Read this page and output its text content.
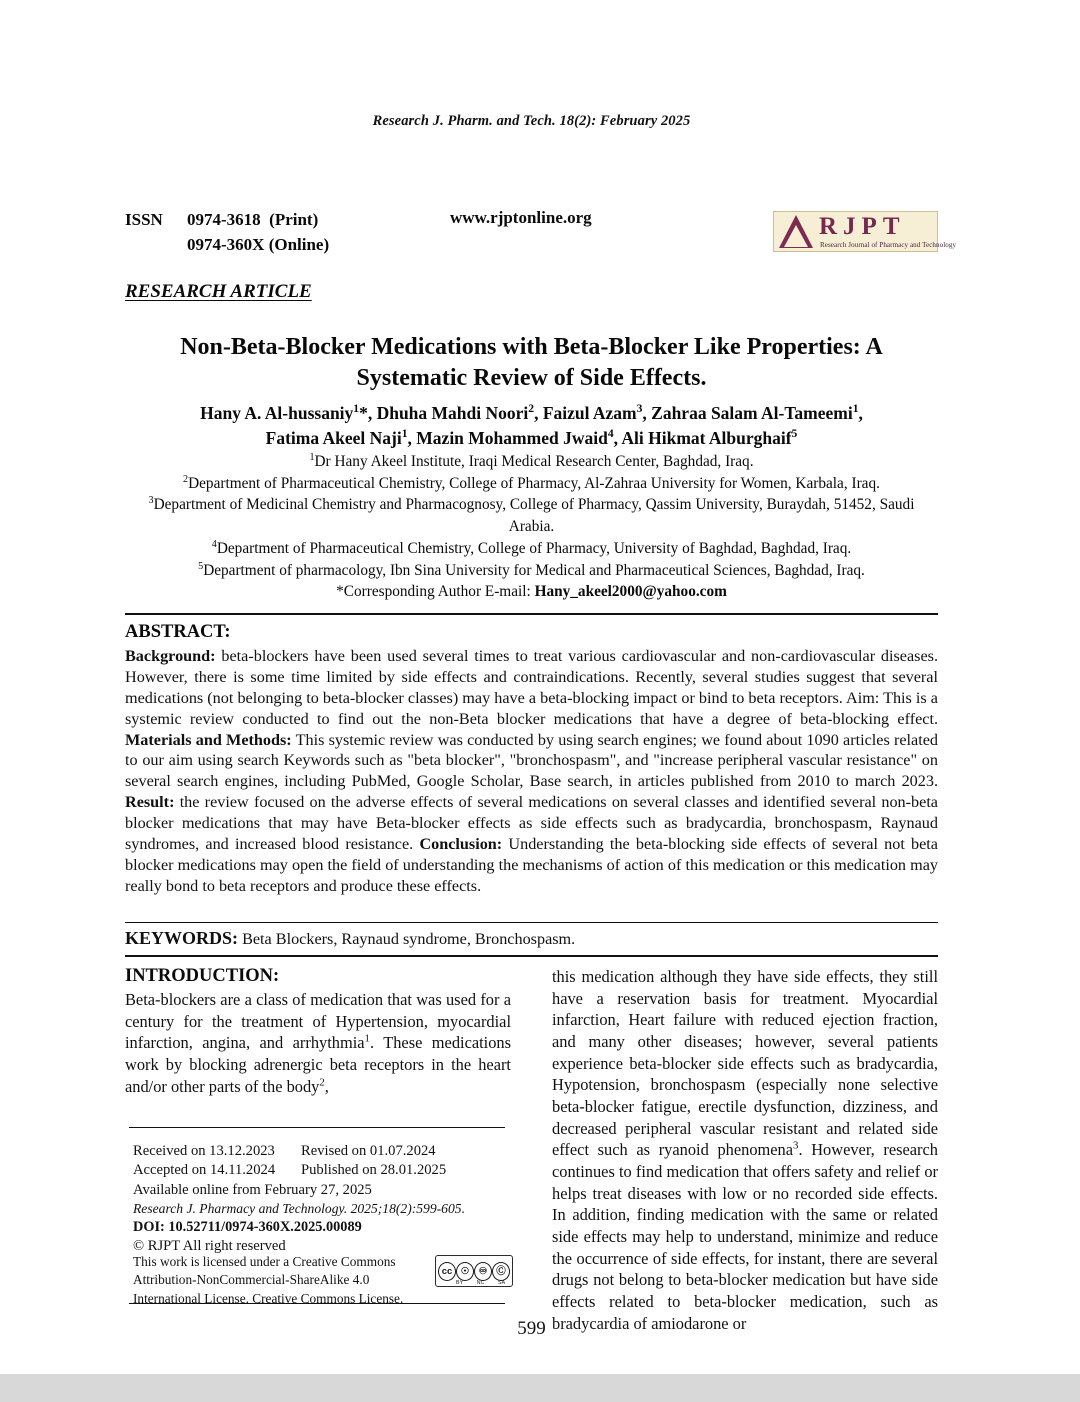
Research J. Pharm. and Tech. 18(2): February 2025
ISSN	0974-3618  (Print)
0974-360X (Online)
www.rjptonline.org	RJPT
Research Journal of Pharmacy and Technology
RESEARCH ARTICLE
Non-Beta-Blocker Medications with Beta-Blocker Like Properties: A Systematic Review of Side Effects.
Hany A. Al-hussaniy$^1$*, Dhuha Mahdi Noori$^2$, Faizul Azam$^3$, Zahraa Salam Al-Tameemi$^1$,
Fatima Akeel Naji$^1$, Mazin Mohammed Jwaid$^4$, Ali Hikmat Alburghaif$^5$
$^1$Dr Hany Akeel Institute, Iraqi Medical Research Center, Baghdad, Iraq.
$^2$Department of Pharmaceutical Chemistry, College of Pharmacy, Al-Zahraa University for Women, Karbala, Iraq.
$^3$Department of Medicinal Chemistry and Pharmacognosy, College of Pharmacy, Qassim University, Buraydah, 51452, Saudi Arabia.
$^4$Department of Pharmaceutical Chemistry, College of Pharmacy, University of Baghdad, Baghdad, Iraq.
$^5$Department of pharmacology, Ibn Sina University for Medical and Pharmaceutical Sciences, Baghdad, Iraq.
*Corresponding Author E-mail: Hany_akeel2000@yahoo.com
ABSTRACT:
Background: beta-blockers have been used several times to treat various cardiovascular and non-cardiovascular diseases. However, there is some time limited by side effects and contraindications. Recently, several studies suggest that several medications (not belonging to beta-blocker classes) may have a beta-blocking impact or bind to beta receptors. Aim: This is a systemic review conducted to find out the non-Beta blocker medications that have a degree of beta-blocking effect. Materials and Methods: This systemic review was conducted by using search engines; we found about 1090 articles related to our aim using search Keywords such as "beta blocker", "bronchospasm", and "increase peripheral vascular resistance" on several search engines, including PubMed, Google Scholar, Base search, in articles published from 2010 to march 2023. Result: the review focused on the adverse effects of several medications on several classes and identified several non-beta blocker medications that may have Beta-blocker effects as side effects such as bradycardia, bronchospasm, Raynaud syndromes, and increased blood resistance. Conclusion: Understanding the beta-blocking side effects of several not beta blocker medications may open the field of understanding the mechanisms of action of this medication or this medication may really bond to beta receptors and produce these effects.
KEYWORDS: Beta Blockers, Raynaud syndrome, Bronchospasm.
INTRODUCTION:

Beta-blockers are a class of medication that was used for a century for the treatment of Hypertension, myocardial infarction, angina, and arrhythmia$^1$. These medications work by blocking adrenergic beta receptors in the heart and/or other parts of the body$^2$,

this medication although they have side effects, they still have a reservation basis for treatment. Myocardial infarction, Heart failure with reduced ejection fraction, and many other diseases; however, several patients experience beta-blocker side effects such as bradycardia, Hypotension, bronchospasm (especially none selective beta-blocker fatigue, erectile dysfunction, dizziness, and decreased peripheral vascular resistant and related side effect such as ryanoid phenomena$^3$. However, research continues to find medication that offers safety and relief or helps treat diseases with low or no recorded side effects. In addition, finding medication with the same or related side effects may help to understand, minimize and reduce the occurrence of side effects, for instant, there are several drugs not belong to beta-blocker medication but have side effects related to beta-blocker medication, such as bradycardia of amiodarone or

Received on 13.12.2023	Revised on 01.07.2024
Accepted on 14.11.2024	Published on 28.01.2025
Available online from February 27, 2025
Research J. Pharmacy and Technology. 2025;18(2):599-605.
DOI: 10.52711/0974-360X.2025.00089
© RJPT All right reserved
This work is licensed under a Creative Commons
Attribution-NonCommercial-ShareAlike 4.0
International License. Creative Commons License.
cc ☉ ♾ Ⓒ
BY	NC	SA
599
